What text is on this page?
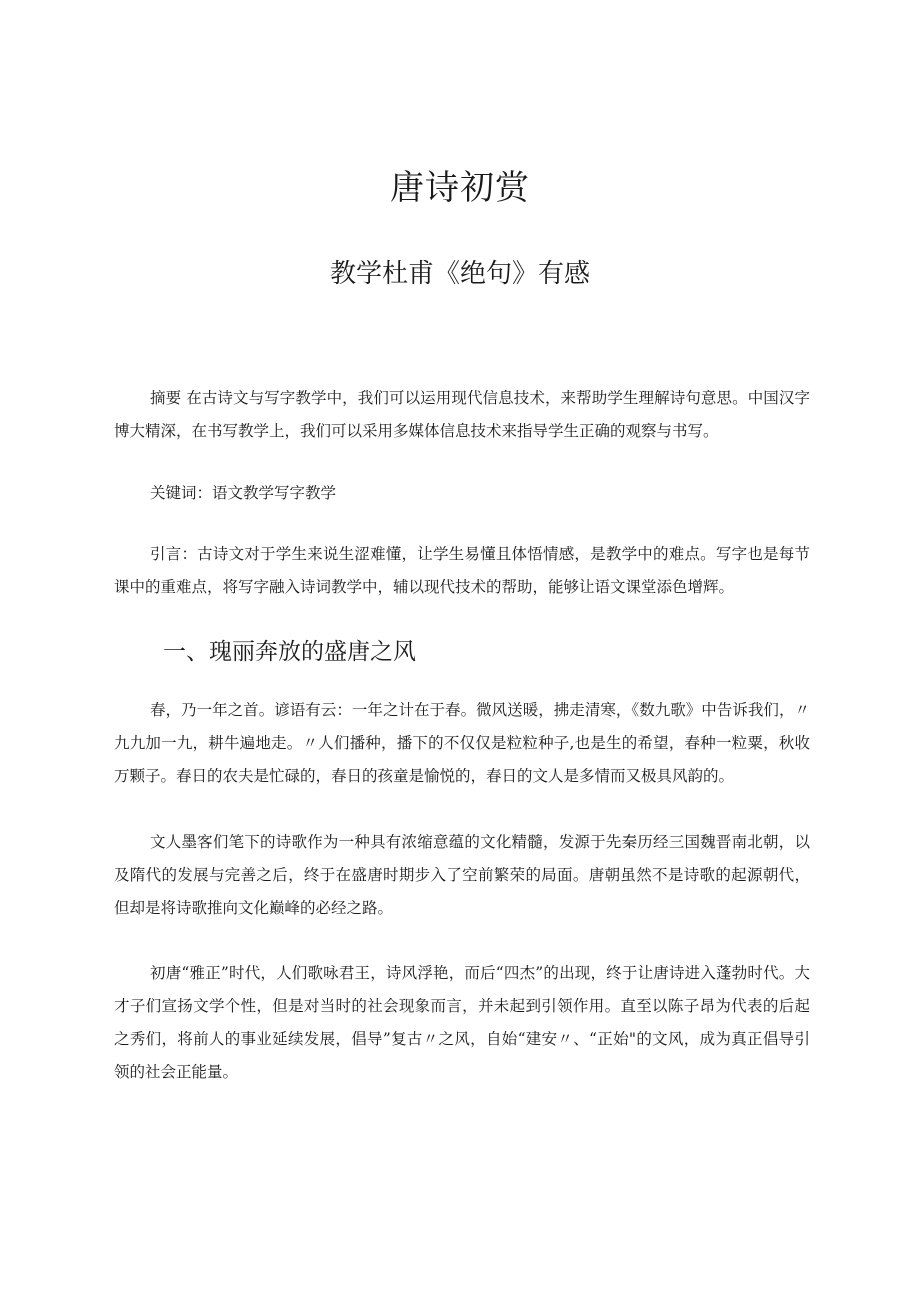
唐诗初赏
教学杜甫《绝句》有感

摘要 在古诗文与写字教学中，我们可以运用现代信息技术，来帮助学生理解诗句意思。中国汉字博大精深，在书写教学上，我们可以采用多媒体信息技术来指导学生正确的观察与书写。

关键词：语文教学写字教学

引言：古诗文对于学生来说生涩难懂，让学生易懂且体悟情感，是教学中的难点。写字也是每节课中的重难点，将写字融入诗词教学中，辅以现代技术的帮助，能够让语文课堂添色增辉。

一、瑰丽奔放的盛唐之风

春，乃一年之首。谚语有云：一年之计在于春。微风送暖，拂走清寒，《数九歌》中告诉我们，〃九九加一九，耕牛遍地走。〃人们播种，播下的不仅仅是粒粒种子,也是生的希望，春种一粒粟，秋收万颗子。春日的农夫是忙碌的，春日的孩童是愉悦的，春日的文人是多情而又极具风韵的。

文人墨客们笔下的诗歌作为一种具有浓缩意蕴的文化精髓，发源于先秦历经三国魏晋南北朝，以及隋代的发展与完善之后，终于在盛唐时期步入了空前繁荣的局面。唐朝虽然不是诗歌的起源朝代，但却是将诗歌推向文化巅峰的必经之路。

初唐“雅正”时代，人们歌咏君王，诗风浮艳，而后“四杰”的出现，终于让唐诗进入蓬勃时代。大才子们宣扬文学个性，但是对当时的社会现象而言，并未起到引领作用。直至以陈子昂为代表的后起之秀们，将前人的事业延续发展，倡导”复古〃之风，自始“建安〃、“正始"的文风，成为真正倡导引领的社会正能量。
